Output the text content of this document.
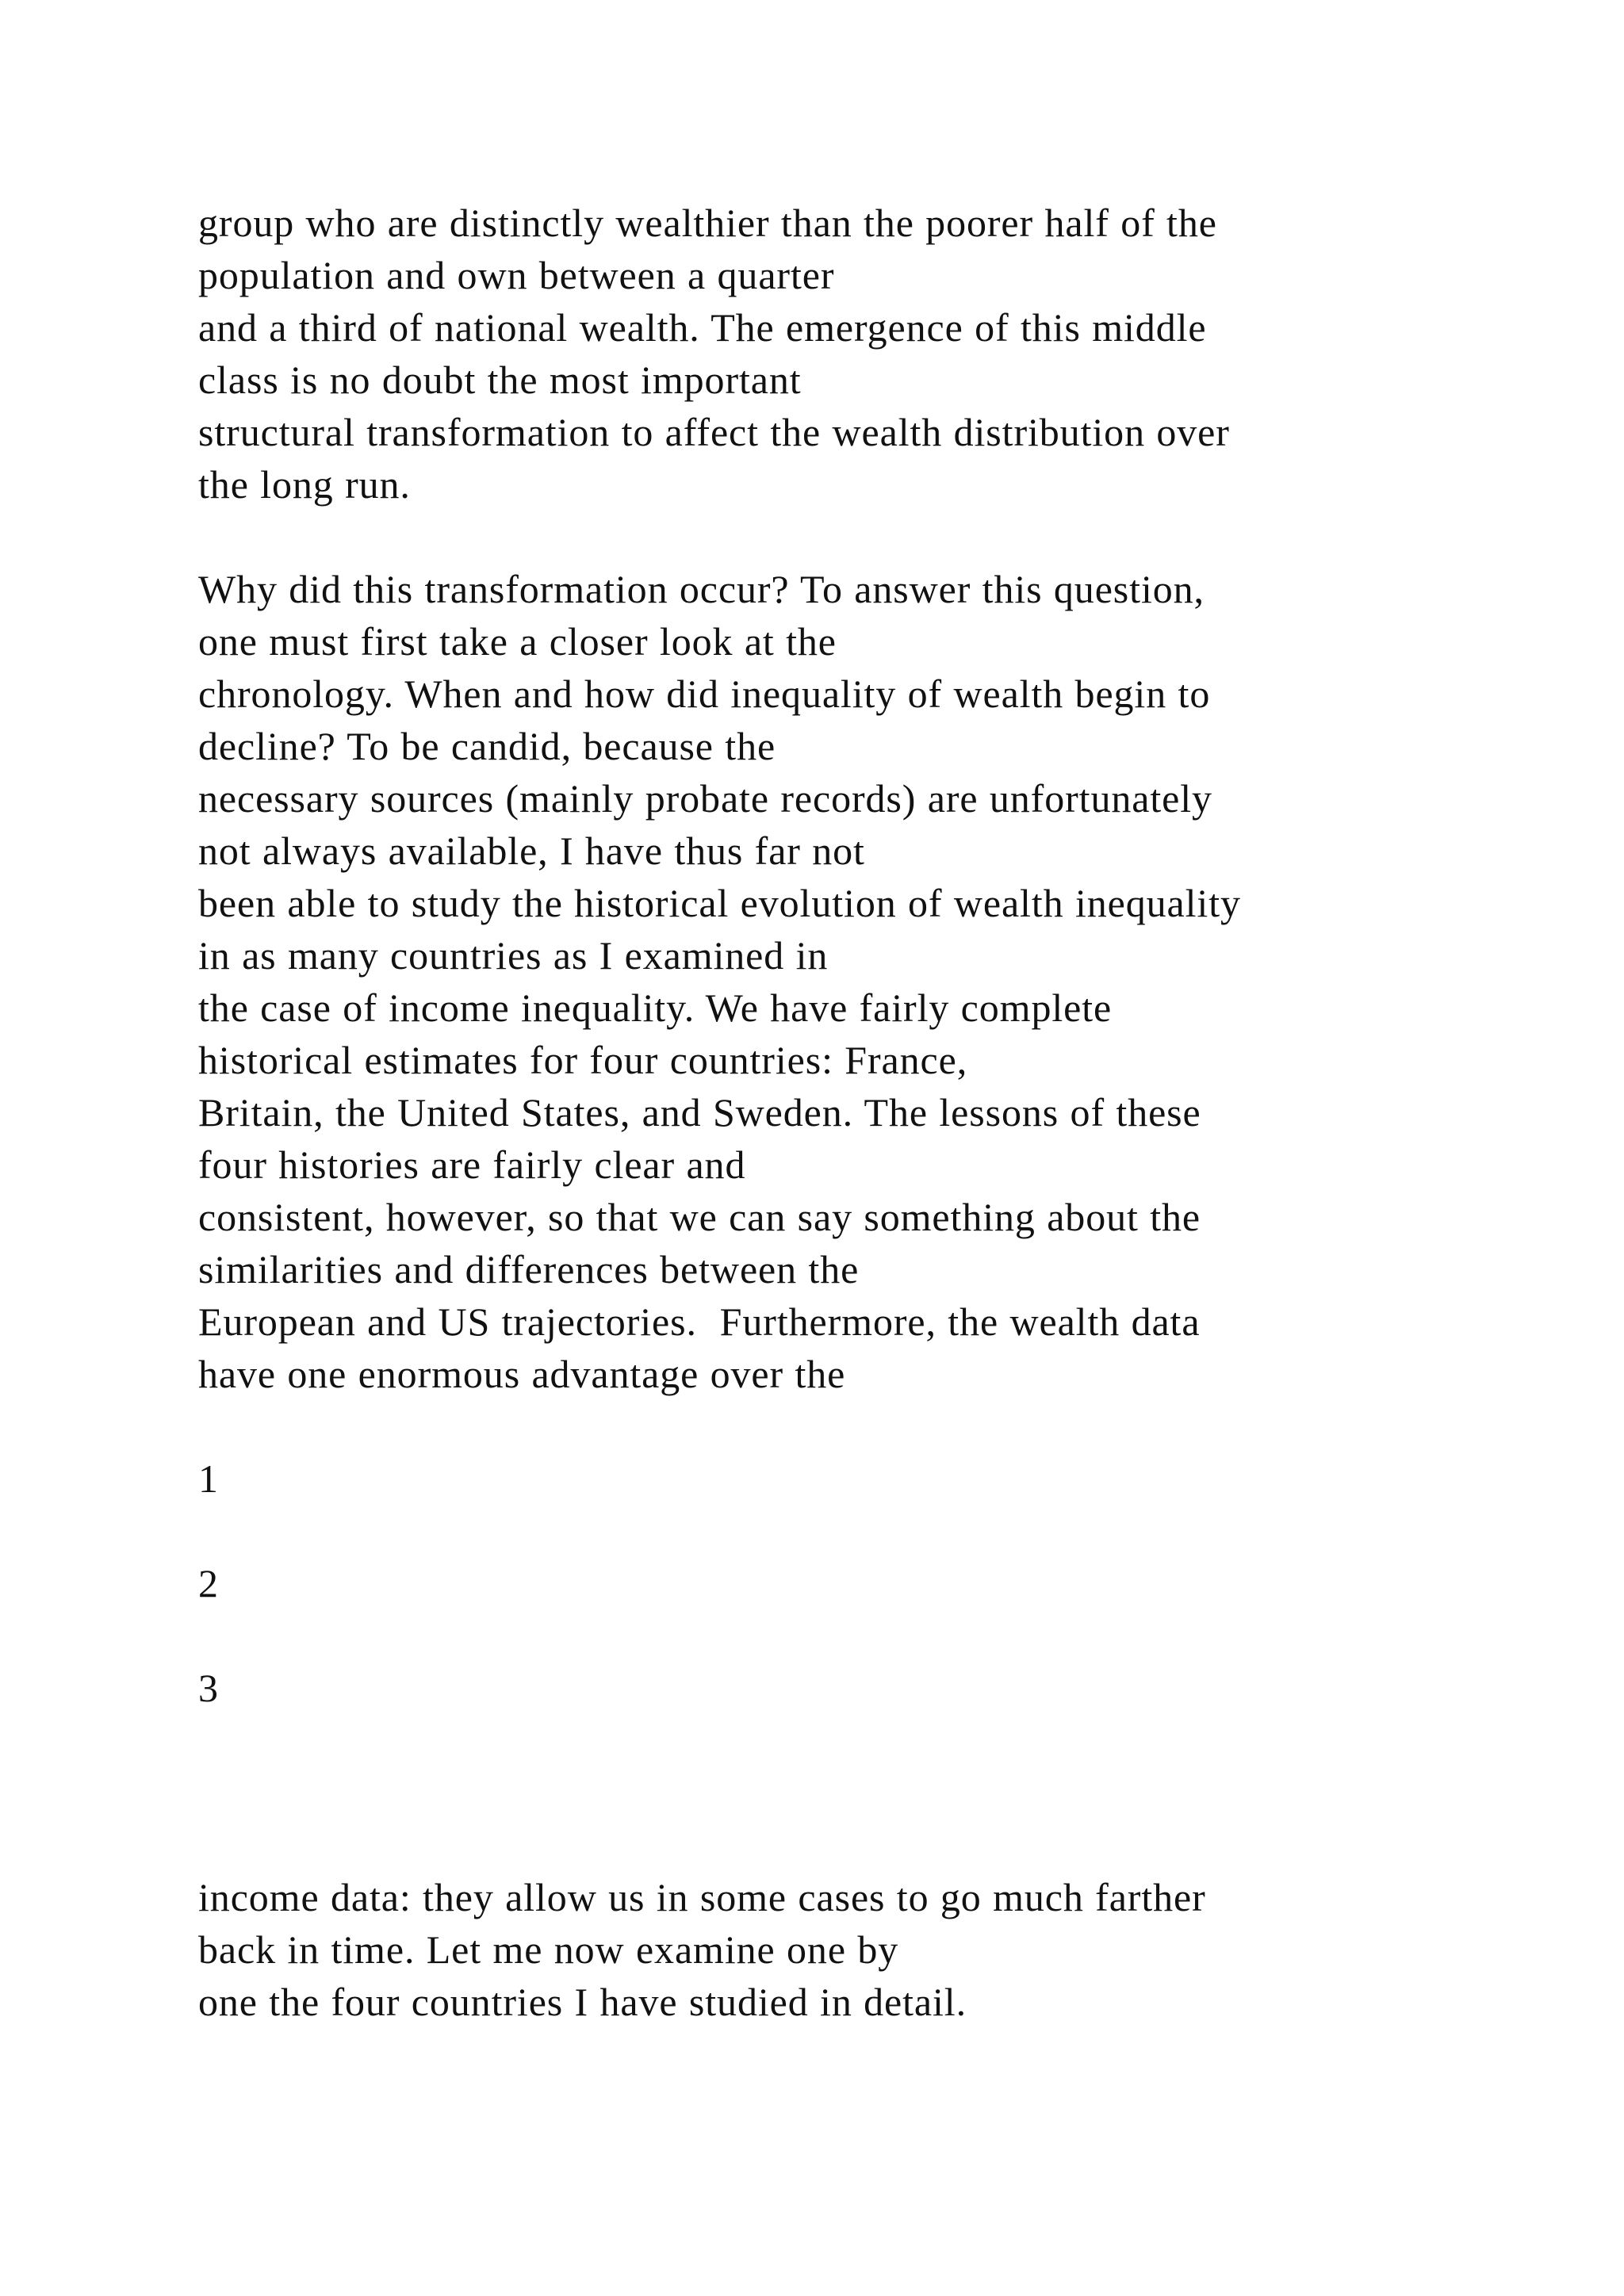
group who are distinctly wealthier than the poorer half of the
population and own between a quarter
and a third of national wealth. The emergence of this middle
class is no doubt the most important
structural transformation to affect the wealth distribution over
the long run.
Why did this transformation occur? To answer this question,
one must first take a closer look at the
chronology. When and how did inequality of wealth begin to
decline? To be candid, because the
necessary sources (mainly probate records) are unfortunately
not always available, I have thus far not
been able to study the historical evolution of wealth inequality
in as many countries as I examined in
the case of income inequality. We have fairly complete
historical estimates for four countries: France,
Britain, the United States, and Sweden. The lessons of these
four histories are fairly clear and
consistent, however, so that we can say something about the
similarities and differences between the
European and US trajectories.  Furthermore, the wealth data
have one enormous advantage over the
1
2
3
income data: they allow us in some cases to go much farther
back in time. Let me now examine one by
one the four countries I have studied in detail.
